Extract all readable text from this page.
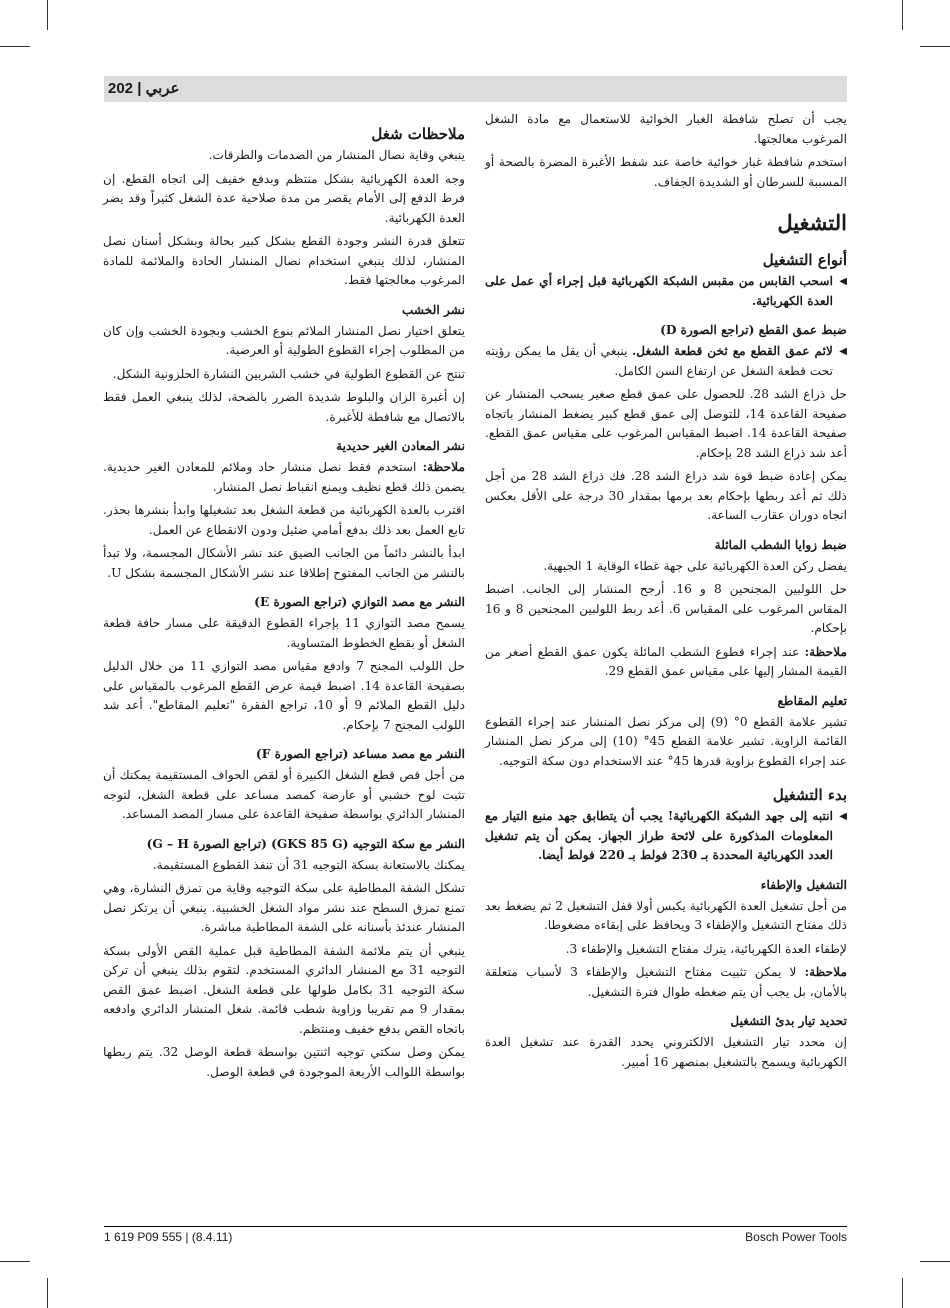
202 | عربي

يجب أن تصلح شافطة الغبار الخوائية للاستعمال مع مادة الشغل المرغوب معالجتها.

استخدم شافطة غبار خوائية خاصة عند شفط الأغبرة المضرة بالصحة أو المسببة للسرطان أو الشديدة الجفاف.

التشغيل
أنواع التشغيل

◀ اسحب القابس من مقبس الشبكة الكهربائية قبل إجراء أي عمل على العدة الكهربائية.

ضبط عمق القطع (تراجع الصورة D)

◀ لائم عمق القطع مع ثخن قطعة الشغل. ينبغي أن يقل ما يمكن رؤيته تحت قطعة الشغل عن ارتفاع السن الكامل.

حل ذراع الشد 28. للحصول على عمق قطع صغير يسحب المنشار عن صفيحة القاعدة 14، للتوصل إلى عمق قطع كبير يضغط المنشار باتجاه صفيحة القاعدة 14. اضبط المقياس المرغوب على مقياس عمق القطع. أعد شد ذراع الشد 28 بإحكام.

يمكن إعادة ضبط قوة شد ذراع الشد 28. فك ذراع الشد 28 من أجل ذلك ثم أعد ربطها بإحكام بعد برمها بمقدار 30 درجة على الأقل بعكس اتجاه دوران عقارب الساعة.

ضبط زوايا الشطب المائلة

يفضل ركن العدة الكهربائية على جهة غطاء الوقاية 1 الجبهية.

حل اللولبين المجنحين 8 و 16. أرجح المنشار إلى الجانب. اضبط المقاس المرغوب على المقياس 6. أعد ربط اللولبين المجنحين 8 و 16 بإحكام.

ملاحظة: عند إجراء قطوع الشطب المائلة يكون عمق القطع أصغر من القيمة المشار إليها على مقياس عمق القطع 29.

تعليم المقاطع

تشير علامة القطع 0° (9) إلى مركز نصل المنشار عند إجراء القطوع القائمة الزاوية. تشير علامة القطع 45° (10) إلى مركز نصل المنشار عند إجراء القطوع بزاوية قدرها 45° عند الاستخدام دون سكة التوجيه.

بدء التشغيل

◀ انتبه إلى جهد الشبكة الكهربائية! يجب أن يتطابق جهد منبع التيار مع المعلومات المذكورة على لائحة طراز الجهاز. يمكن أن يتم تشغيل العدد الكهربائية المحددة بـ 230 فولط بـ 220 فولط أيضا.

التشغيل والإطفاء

من أجل تشغيل العدة الكهربائية يكبس أولا قفل التشغيل 2 ثم يضغط بعد ذلك مفتاح التشغيل والإطفاء 3 ويحافظ على إبقاءه مضغوطا.

لإطفاء العدة الكهربائية، يترك مفتاح التشغيل والإطفاء 3.

ملاحظة: لا يمكن تثبيت مفتاح التشغيل والإطفاء 3 لأسباب متعلقة بالأمان، بل يجب أن يتم ضغطه طوال فترة التشغيل.

تحديد تيار بدئ التشغيل

إن محدد تيار التشغيل الالكتروني يحدد القدرة عند تشغيل العدة الكهربائية ويسمح بالتشغيل بمنصهر 16 أمبير.

ملاحظات شغل

ينبغي وقاية نصال المنشار من الصدمات والطرقات.

وجه العدة الكهربائية بشكل منتظم وبدفع خفيف إلى اتجاه القطع. إن فرط الدفع إلى الأمام يقصر من مدة صلاحية عدة الشغل كثيراً وقد يضر العدة الكهربائية.

تتعلق قدرة النشر وجودة القطع بشكل كبير بحالة وبشكل أسنان نصل المنشار، لذلك ينبغي استخدام نصال المنشار الحادة والملائمة للمادة المرغوب معالجتها فقط.

نشر الخشب

يتعلق اختيار نصل المنشار الملائم بنوع الخشب وبجودة الخشب وإن كان من المطلوب إجراء القطوع الطولية أو العرضية.

تنتج عن القطوع الطولية في خشب الشربين النشارة الحلزونية الشكل.

إن أغبرة الزان والبلوط شديدة الضرر بالصحة، لذلك ينبغي العمل فقط بالاتصال مع شافطة للأغبرة.

نشر المعادن الغير حديدية

ملاحظة: استخدم فقط نصل منشار حاد وملائم للمعادن الغير حديدية. يضمن ذلك قطع نظيف ويمنع انقباط نصل المنشار.

اقترب بالعدة الكهربائية من قطعة الشغل بعد تشغيلها وابدأ بنشرها بحذر. تابع العمل بعد ذلك بدفع أمامي ضئيل ودون الانقطاع عن العمل.

ابدأ بالنشر دائماً من الجانب الضيق عند نشر الأشكال المجسمة، ولا تبدأ بالنشر من الجانب المفتوح إطلاقا عند نشر الأشكال المجسمة بشكل U.

النشر مع مصد التوازي (تراجع الصورة E)

يسمح مصد التوازي 11 بإجراء القطوع الدقيقة على مسار حافة قطعة الشغل أو بقطع الخطوط المتساوية.

حل اللولب المجنح 7 وادفع مقياس مصد التوازي 11 من خلال الدليل بصفيحة القاعدة 14. اضبط قيمة عرض القطع المرغوب بالمقياس على دليل القطع الملائم 9 أو 10، تراجع الفقرة "تعليم المقاطع". أعد شد اللولب المجنح 7 بإحكام.

النشر مع مصد مساعد (تراجع الصورة F)

من أجل قص قطع الشغل الكبيرة أو لقص الحواف المستقيمة يمكنك أن تثبت لوح خشبي أو عارضة كمصد مساعد على قطعة الشغل، لتوجه المنشار الدائري بواسطة صفيحة القاعدة على مسار المصد المساعد.

النشر مع سكة التوجيه (GKS 85 G) (تراجع الصورة G – H)

يمكنك بالاستعانة بسكة التوجيه 31 أن تنفذ القطوع المستقيمة.

تشكل الشفة المطاطية على سكة التوجيه وقاية من تمزق النشارة، وهي تمنع تمزق السطح عند نشر مواد الشغل الخشبية. ينبغي أن يرتكز نصل المنشار عندئذ بأسنانه على الشفة المطاطية مباشرة.

ينبغي أن يتم ملائمة الشفة المطاطية قبل عملية القص الأولى بسكة التوجيه 31 مع المنشار الدائري المستخدم. لتقوم بذلك ينبغي أن تركن سكة التوجيه 31 بكامل طولها على قطعة الشغل. اضبط عمق القص بمقدار 9 مم تقريبا وزاوية شطب قائمة. شغل المنشار الدائري وادفعه باتجاه القص بدفع خفيف ومنتظم.

يمكن وصل سكتي توجيه اثنتين بواسطة قطعة الوصل 32. يتم ربطها بواسطة اللوالب الأربعة الموجودة في قطعة الوصل.

1 619 P09 555 | (8.4.11)	Bosch Power Tools
